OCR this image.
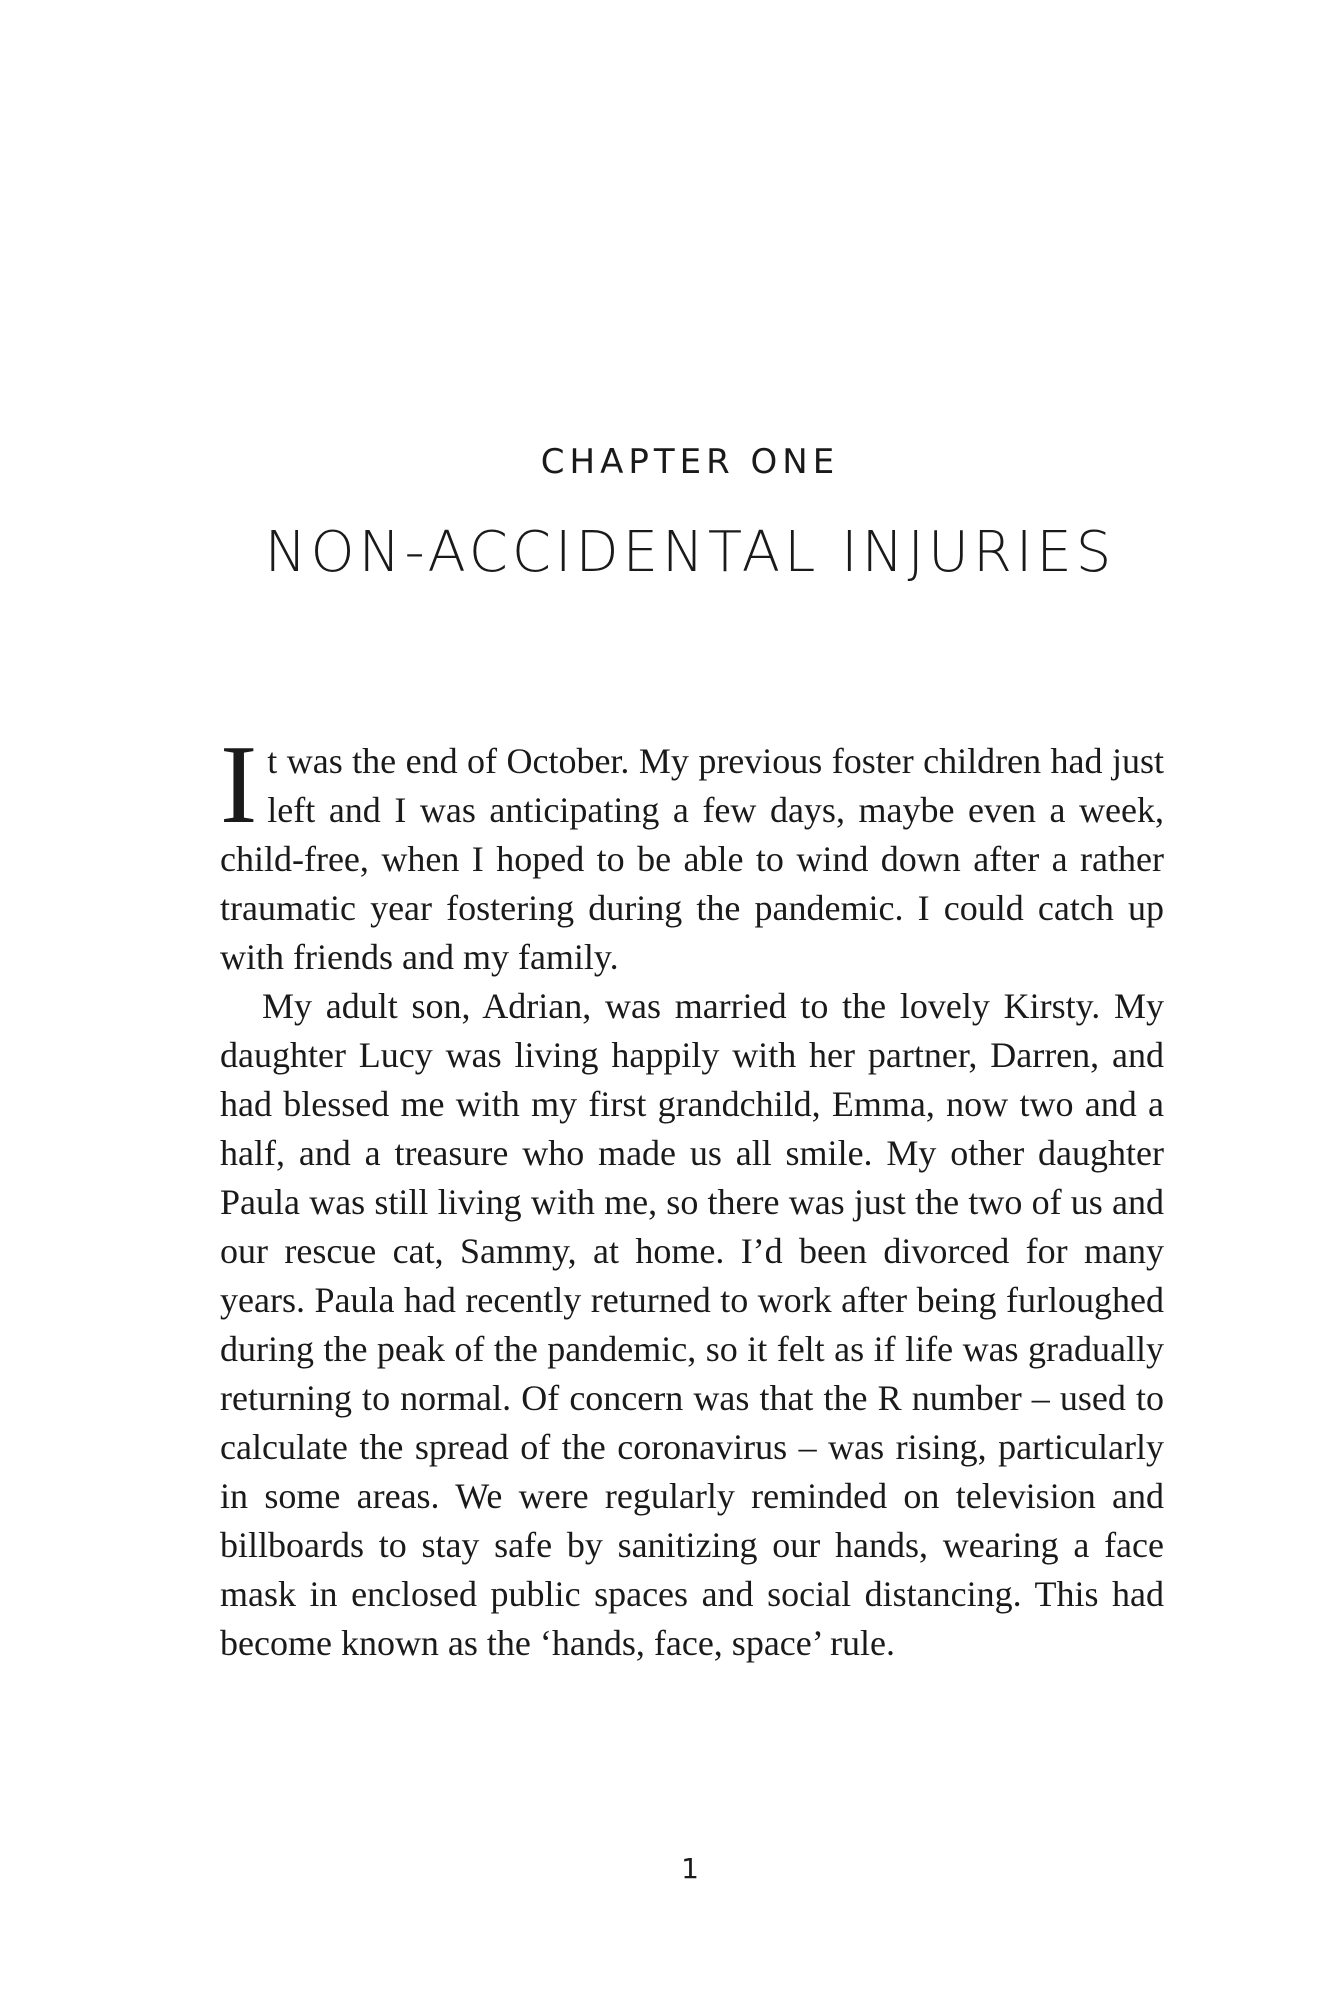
CHAPTER ONE
NON-ACCIDENTAL INJURIES

It was the end of October. My previous foster children had just left and I was anticipating a few days, maybe even a week, child-free, when I hoped to be able to wind down after a rather traumatic year fostering during the pandemic. I could catch up with friends and my family.

My adult son, Adrian, was married to the lovely Kirsty. My daughter Lucy was living happily with her partner, Darren, and had blessed me with my first grandchild, Emma, now two and a half, and a treasure who made us all smile. My other daughter Paula was still living with me, so there was just the two of us and our rescue cat, Sammy, at home. I’d been divorced for many years. Paula had recently returned to work after being furloughed during the peak of the pandemic, so it felt as if life was gradually returning to normal. Of concern was that the R number – used to calculate the spread of the coronavirus – was rising, particularly in some areas. We were regularly reminded on television and billboards to stay safe by sanitizing our hands, wearing a face mask in enclosed public spaces and social distancing. This had become known as the ‘hands, face, space’ rule.

1
